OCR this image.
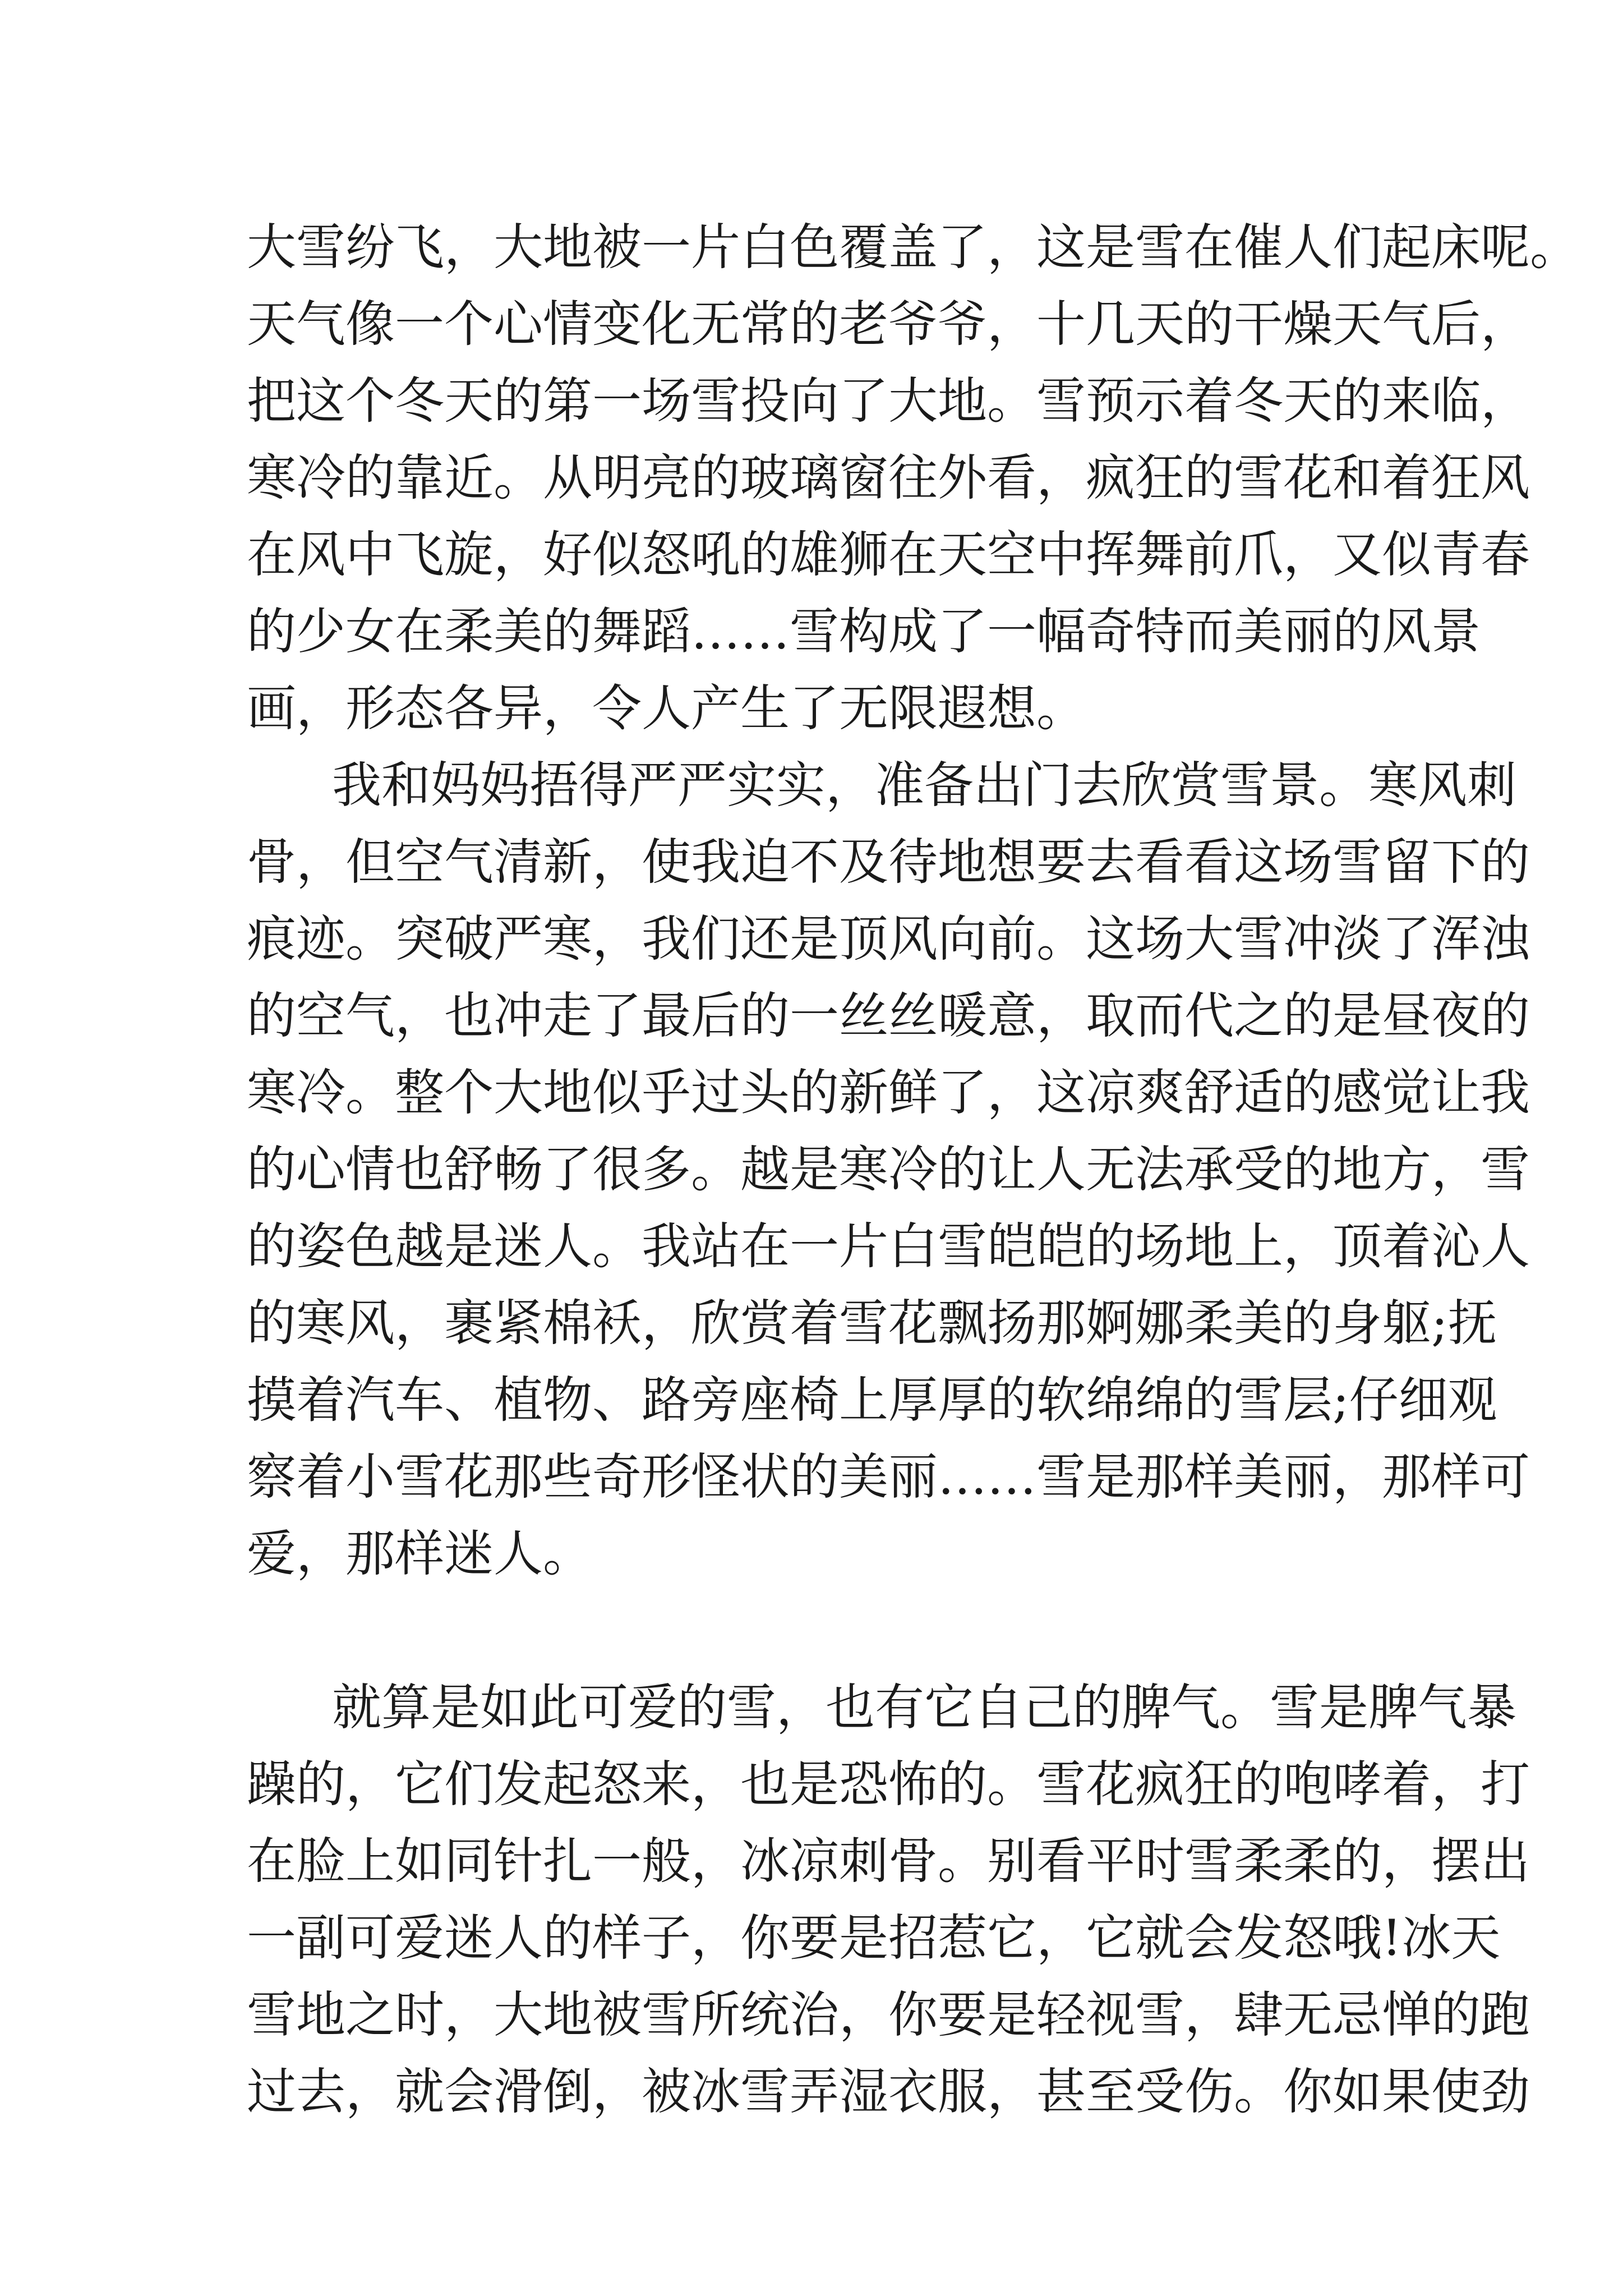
大雪纷飞，大地被一片白色覆盖了，这是雪在催人们起床呢。
天气像一个心情变化无常的老爷爷，十几天的干燥天气后，
把这个冬天的第一场雪投向了大地。雪预示着冬天的来临，
寒冷的靠近。从明亮的玻璃窗往外看，疯狂的雪花和着狂风
在风中飞旋，好似怒吼的雄狮在天空中挥舞前爪，又似青春
的少女在柔美的舞蹈……雪构成了一幅奇特而美丽的风景
画，形态各异，令人产生了无限遐想。
我和妈妈捂得严严实实，准备出门去欣赏雪景。寒风刺
骨，但空气清新，使我迫不及待地想要去看看这场雪留下的
痕迹。突破严寒，我们还是顶风向前。这场大雪冲淡了浑浊
的空气，也冲走了最后的一丝丝暖意，取而代之的是昼夜的
寒冷。整个大地似乎过头的新鲜了，这凉爽舒适的感觉让我
的心情也舒畅了很多。越是寒冷的让人无法承受的地方，雪
的姿色越是迷人。我站在一片白雪皑皑的场地上，顶着沁人
的寒风，裹紧棉袄，欣赏着雪花飘扬那婀娜柔美的身躯;抚
摸着汽车、植物、路旁座椅上厚厚的软绵绵的雪层;仔细观
察着小雪花那些奇形怪状的美丽……雪是那样美丽，那样可
爱，那样迷人。
就算是如此可爱的雪，也有它自己的脾气。雪是脾气暴
躁的，它们发起怒来，也是恐怖的。雪花疯狂的咆哮着，打
在脸上如同针扎一般，冰凉刺骨。别看平时雪柔柔的，摆出
一副可爱迷人的样子，你要是招惹它，它就会发怒哦!冰天
雪地之时，大地被雪所统治，你要是轻视雪，肆无忌惮的跑
过去，就会滑倒，被冰雪弄湿衣服，甚至受伤。你如果使劲
